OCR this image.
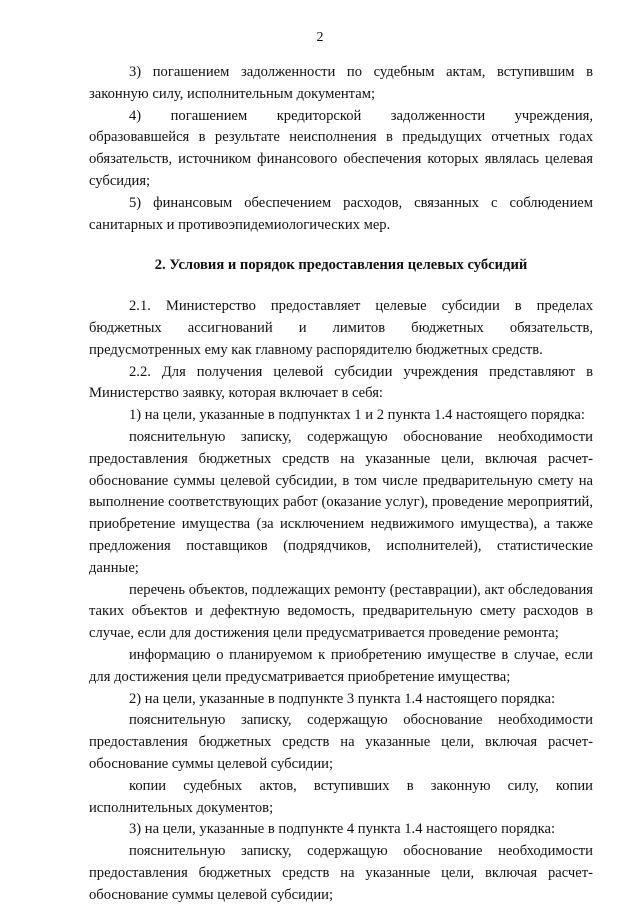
2

3) погашением задолженности по судебным актам, вступившим в законную силу, исполнительным документам;

4) погашением кредиторской задолженности учреждения, образовавшейся в результате неисполнения в предыдущих отчетных годах обязательств, источником финансового обеспечения которых являлась целевая субсидия;

5) финансовым обеспечением расходов, связанных с соблюдением санитарных и противоэпидемиологических мер.

2. Условия и порядок предоставления целевых субсидий

2.1. Министерство предоставляет целевые субсидии в пределах бюджетных ассигнований и лимитов бюджетных обязательств, предусмотренных ему как главному распорядителю бюджетных средств.

2.2. Для получения целевой субсидии учреждения представляют в Министерство заявку, которая включает в себя:

1) на цели, указанные в подпунктах 1 и 2 пункта 1.4 настоящего порядка:

пояснительную записку, содержащую обоснование необходимости предоставления бюджетных средств на указанные цели, включая расчет-обоснование суммы целевой субсидии, в том числе предварительную смету на выполнение соответствующих работ (оказание услуг), проведение мероприятий, приобретение имущества (за исключением недвижимого имущества), а также предложения поставщиков (подрядчиков, исполнителей), статистические данные;

перечень объектов, подлежащих ремонту (реставрации), акт обследования таких объектов и дефектную ведомость, предварительную смету расходов в случае, если для достижения цели предусматривается проведение ремонта;

информацию о планируемом к приобретению имуществе в случае, если для достижения цели предусматривается приобретение имущества;

2) на цели, указанные в подпункте 3 пункта 1.4 настоящего порядка:

пояснительную записку, содержащую обоснование необходимости предоставления бюджетных средств на указанные цели, включая расчет-обоснование суммы целевой субсидии;

копии судебных актов, вступивших в законную силу, копии исполнительных документов;

3) на цели, указанные в подпункте 4 пункта 1.4 настоящего порядка:

пояснительную записку, содержащую обоснование необходимости предоставления бюджетных средств на указанные цели, включая расчет-обоснование суммы целевой субсидии;
